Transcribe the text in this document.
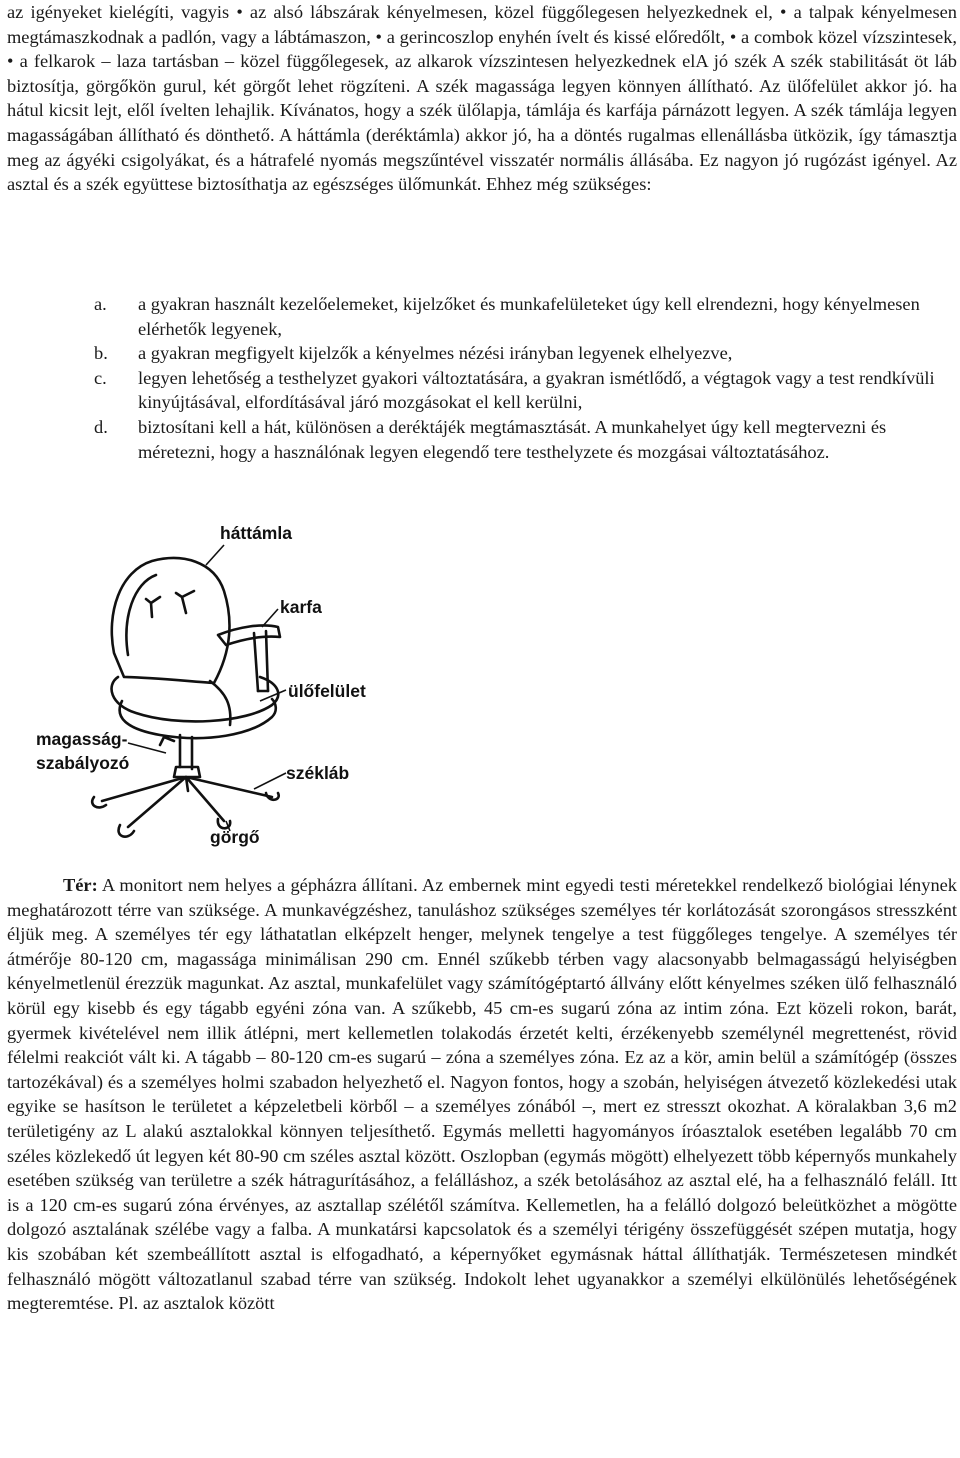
az igényeket kielégíti, vagyis • az alsó lábszárak kényelmesen, közel függőlegesen helyezkednek el, • a talpak kényelmesen megtámaszkodnak a padlón, vagy a lábtámaszon, • a gerincoszlop enyhén ívelt és kissé előredőlt, • a combok közel vízszintesek, • a felkarok – laza tartásban – közel függőlegesek, az alkarok vízszintesen helyezkednek elA jó szék A szék stabilitását öt láb biztosítja, görgőkön gurul, két görgőt lehet rögzíteni. A szék magassága legyen könnyen állítható. Az ülőfelület akkor jó. ha hátul kicsit lejt, elől ívelten lehajlik. Kívánatos, hogy a szék ülőlapja, támlája és karfája párnázott legyen. A szék támlája legyen magasságában állítható és dönthető. A háttámla (deréktámla) akkor jó, ha a döntés rugalmas ellenállásba ütközik, így támasztja meg az ágyéki csigolyákat, és a hátrafelé nyomás megszűntével visszatér normális állásába. Ez nagyon jó rugózást igényel. Az asztal és a szék együttese biztosíthatja az egészséges ülőmunkát. Ehhez még szükséges:

a.	a gyakran használt kezelőelemeket, kijelzőket és munkafelületeket úgy kell elrendezni, hogy kényelmesen elérhetők legyenek,
b.	a gyakran megfigyelt kijelzők a kényelmes nézési irányban legyenek elhelyezve,
c.	legyen lehetőség a testhelyzet gyakori változtatására, a gyakran ismétlődő, a végtagok vagy a test rendkívüli kinyújtásával, elfordításával járó mozgásokat el kell kerülni,
d.	biztosítani kell a hát, különösen a deréktájék megtámasztását. A munkahelyet úgy kell megtervezni és méretezni, hogy a használónak legyen elegendő tere testhelyzete és mozgásai változtatásához.
háttámla
karfa
ülőfelület
magasság-
szabályozó	székláb
görgő

Tér: A monitort nem helyes a gépházra állítani. Az embernek mint egyedi testi méretekkel rendelkező biológiai lénynek meghatározott térre van szüksége. A munkavégzéshez, tanuláshoz szükséges személyes tér korlátozását szorongásos stresszként éljük meg. A személyes tér egy láthatatlan elképzelt henger, melynek tengelye a test függőleges tengelye. A személyes tér átmérője 80-120 cm, magassága minimálisan 290 cm. Ennél szűkebb térben vagy alacsonyabb belmagasságú helyiségben kényelmetlenül érezzük magunkat. Az asztal, munkafelület vagy számítógéptartó állvány előtt kényelmes széken ülő felhasználó körül egy kisebb és egy tágabb egyéni zóna van. A szűkebb, 45 cm-es sugarú zóna az intim zóna. Ezt közeli rokon, barát, gyermek kivételével nem illik átlépni, mert kellemetlen tolakodás érzetét kelti, érzékenyebb személynél megrettenést, rövid félelmi reakciót vált ki. A tágabb – 80-120 cm-es sugarú – zóna a személyes zóna. Ez az a kör, amin belül a számítógép (összes tartozékával) és a személyes holmi szabadon helyezhető el. Nagyon fontos, hogy a szobán, helyiségen átvezető közlekedési utak egyike se hasítson le területet a képzeletbeli körből – a személyes zónából –, mert ez stresszt okozhat. A köralakban 3,6 m2 területigény az L alakú asztalokkal könnyen teljesíthető. Egymás melletti hagyományos íróasztalok esetében legalább 70 cm széles közlekedő út legyen két 80-90 cm széles asztal között. Oszlopban (egymás mögött) elhelyezett több képernyős munkahely esetében szükség van területre a szék hátragurításához, a felálláshoz, a szék betolásához az asztal elé, ha a felhasználó feláll. Itt is a 120 cm-es sugarú zóna érvényes, az asztallap szélétől számítva. Kellemetlen, ha a felálló dolgozó beleütközhet a mögötte dolgozó asztalának szélébe vagy a falba. A munkatársi kapcsolatok és a személyi térigény összefüggését szépen mutatja, hogy kis szobában két szembeállított asztal is elfogadható, a képernyőket egymásnak háttal állíthatják. Természetesen mindkét felhasználó mögött változatlanul szabad térre van szükség. Indokolt lehet ugyanakkor a személyi elkülönülés lehetőségének megteremtése. Pl. az asztalok között
